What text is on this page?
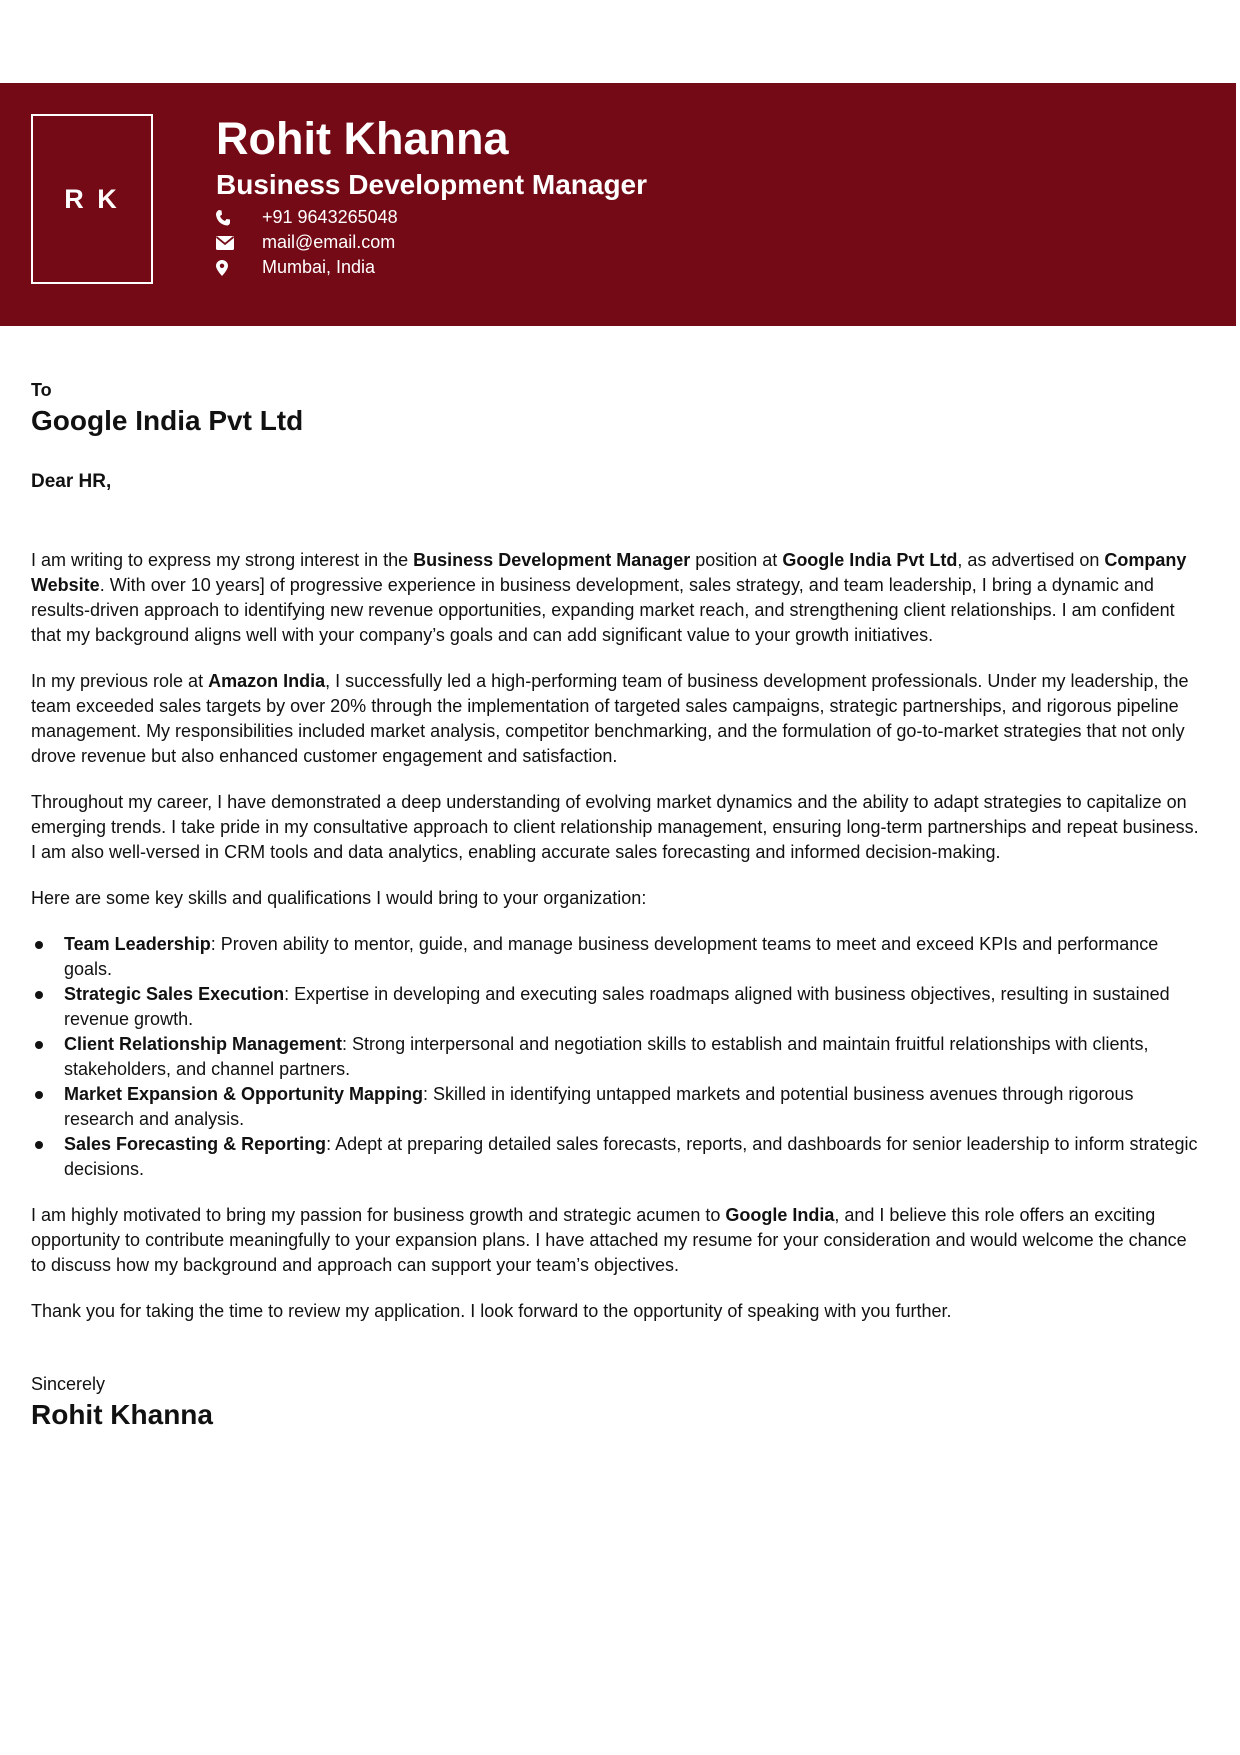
R K
Rohit Khanna
Business Development Manager
+91 9643265048
mail@email.com
Mumbai, India

To

Google India Pvt Ltd

Dear HR,

I am writing to express my strong interest in the Business Development Manager position at Google India Pvt Ltd, as advertised on Company Website. With over 10 years] of progressive experience in business development, sales strategy, and team leadership, I bring a dynamic and results-driven approach to identifying new revenue opportunities, expanding market reach, and strengthening client relationships. I am confident that my background aligns well with your company’s goals and can add significant value to your growth initiatives.

In my previous role at Amazon India, I successfully led a high-performing team of business development professionals. Under my leadership, the team exceeded sales targets by over 20% through the implementation of targeted sales campaigns, strategic partnerships, and rigorous pipeline management. My responsibilities included market analysis, competitor benchmarking, and the formulation of go-to-market strategies that not only drove revenue but also enhanced customer engagement and satisfaction.

Throughout my career, I have demonstrated a deep understanding of evolving market dynamics and the ability to adapt strategies to capitalize on emerging trends. I take pride in my consultative approach to client relationship management, ensuring long-term partnerships and repeat business. I am also well-versed in CRM tools and data analytics, enabling accurate sales forecasting and informed decision-making.

Here are some key skills and qualifications I would bring to your organization:

Team Leadership: Proven ability to mentor, guide, and manage business development teams to meet and exceed KPIs and performance goals.
Strategic Sales Execution: Expertise in developing and executing sales roadmaps aligned with business objectives, resulting in sustained revenue growth.
Client Relationship Management: Strong interpersonal and negotiation skills to establish and maintain fruitful relationships with clients, stakeholders, and channel partners.
Market Expansion & Opportunity Mapping: Skilled in identifying untapped markets and potential business avenues through rigorous research and analysis.
Sales Forecasting & Reporting: Adept at preparing detailed sales forecasts, reports, and dashboards for senior leadership to inform strategic decisions.

I am highly motivated to bring my passion for business growth and strategic acumen to Google India, and I believe this role offers an exciting opportunity to contribute meaningfully to your expansion plans. I have attached my resume for your consideration and would welcome the chance to discuss how my background and approach can support your team’s objectives.

Thank you for taking the time to review my application. I look forward to the opportunity of speaking with you further.

Sincerely

Rohit Khanna
